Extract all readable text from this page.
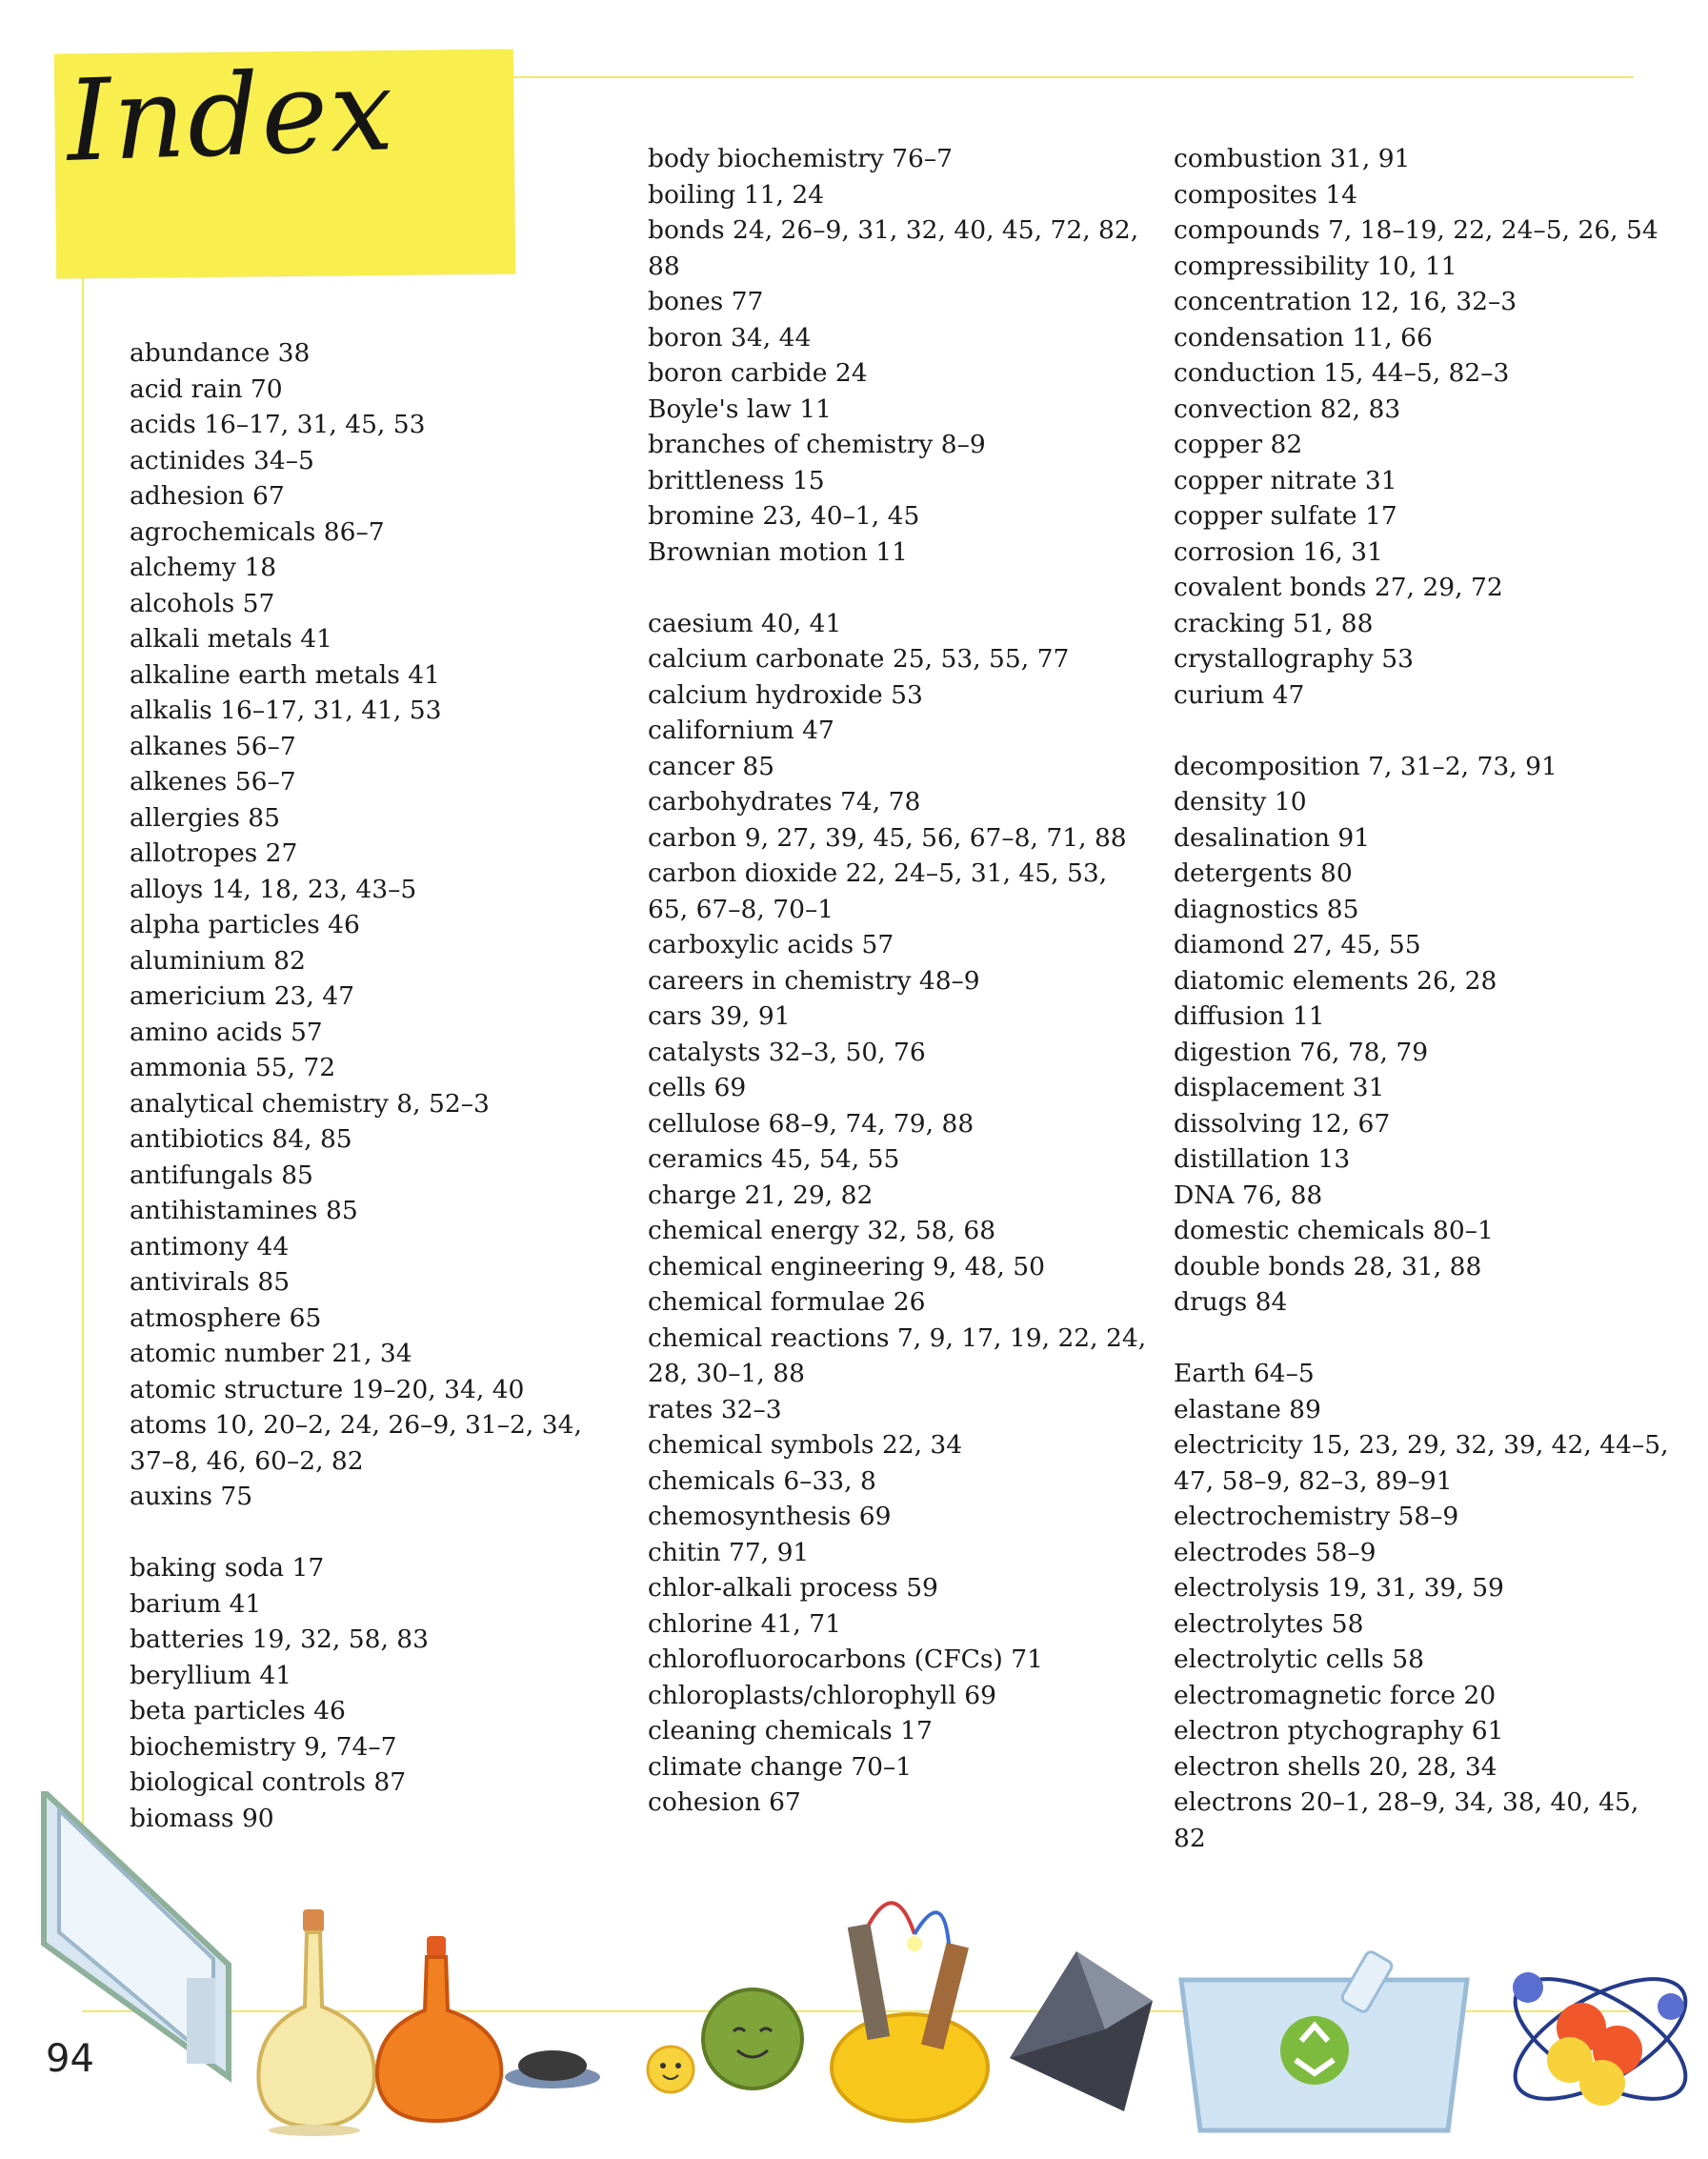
Index
abundance 38
acid rain 70
acids 16–17, 31, 45, 53
actinides 34–5
adhesion 67
agrochemicals 86–7
alchemy 18
alcohols 57
alkali metals 41
alkaline earth metals 41
alkalis 16–17, 31, 41, 53
alkanes 56–7
alkenes 56–7
allergies 85
allotropes 27
alloys 14, 18, 23, 43–5
alpha particles 46
aluminium 82
americium 23, 47
amino acids 57
ammonia 55, 72
analytical chemistry 8, 52–3
antibiotics 84, 85
antifungals 85
antihistamines 85
antimony 44
antivirals 85
atmosphere 65
atomic number 21, 34
atomic structure 19–20, 34, 40
atoms 10, 20–2, 24, 26–9, 31–2, 34,
37–8, 46, 60–2, 82
auxins 75
baking soda 17
barium 41
batteries 19, 32, 58, 83
beryllium 41
beta particles 46
biochemistry 9, 74–7
biological controls 87
biomass 90
body biochemistry 76–7
boiling 11, 24
bonds 24, 26–9, 31, 32, 40, 45, 72, 82,
88
bones 77
boron 34, 44
boron carbide 24
Boyle's law 11
branches of chemistry 8–9
brittleness 15
bromine 23, 40–1, 45
Brownian motion 11
caesium 40, 41
calcium carbonate 25, 53, 55, 77
calcium hydroxide 53
californium 47
cancer 85
carbohydrates 74, 78
carbon 9, 27, 39, 45, 56, 67–8, 71, 88
carbon dioxide 22, 24–5, 31, 45, 53,
65, 67–8, 70–1
carboxylic acids 57
careers in chemistry 48–9
cars 39, 91
catalysts 32–3, 50, 76
cells 69
cellulose 68–9, 74, 79, 88
ceramics 45, 54, 55
charge 21, 29, 82
chemical energy 32, 58, 68
chemical engineering 9, 48, 50
chemical formulae 26
chemical reactions 7, 9, 17, 19, 22, 24,
28, 30–1, 88
rates 32–3
chemical symbols 22, 34
chemicals 6–33, 8
chemosynthesis 69
chitin 77, 91
chlor-alkali process 59
chlorine 41, 71
chlorofluorocarbons (CFCs) 71
chloroplasts/chlorophyll 69
cleaning chemicals 17
climate change 70–1
cohesion 67
combustion 31, 91
composites 14
compounds 7, 18–19, 22, 24–5, 26, 54
compressibility 10, 11
concentration 12, 16, 32–3
condensation 11, 66
conduction 15, 44–5, 82–3
convection 82, 83
copper 82
copper nitrate 31
copper sulfate 17
corrosion 16, 31
covalent bonds 27, 29, 72
cracking 51, 88
crystallography 53
curium 47
decomposition 7, 31–2, 73, 91
density 10
desalination 91
detergents 80
diagnostics 85
diamond 27, 45, 55
diatomic elements 26, 28
diffusion 11
digestion 76, 78, 79
displacement 31
dissolving 12, 67
distillation 13
DNA 76, 88
domestic chemicals 80–1
double bonds 28, 31, 88
drugs 84
Earth 64–5
elastane 89
electricity 15, 23, 29, 32, 39, 42, 44–5,
47, 58–9, 82–3, 89–91
electrochemistry 58–9
electrodes 58–9
electrolysis 19, 31, 39, 59
electrolytes 58
electrolytic cells 58
electromagnetic force 20
electron ptychography 61
electron shells 20, 28, 34
electrons 20–1, 28–9, 34, 38, 40, 45,
82
94
